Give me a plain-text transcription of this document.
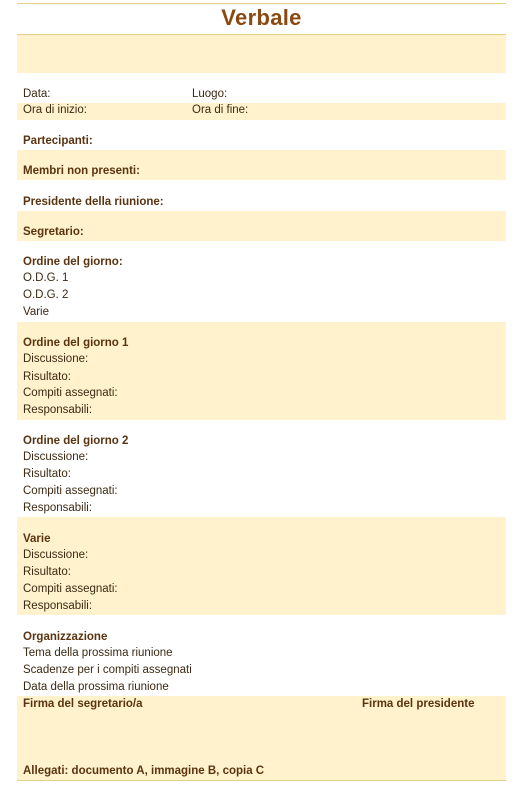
Verbale
Data:	Luogo:
Ora di inizio:	Ora di fine:
Partecipanti:
Membri non presenti:
Presidente della riunione:
Segretario:
Ordine del giorno:
O.D.G. 1
O.D.G. 2
Varie
Ordine del giorno 1
Discussione:
Risultato:
Compiti assegnati:
Responsabili:
Ordine del giorno 2
Discussione:
Risultato:
Compiti assegnati:
Responsabili:
Varie
Discussione:
Risultato:
Compiti assegnati:
Responsabili:
Organizzazione
Tema della prossima riunione
Scadenze per i compiti assegnati
Data della prossima riunione
Firma del segretario/a	Firma del presidente
Allegati: documento A, immagine B, copia C
